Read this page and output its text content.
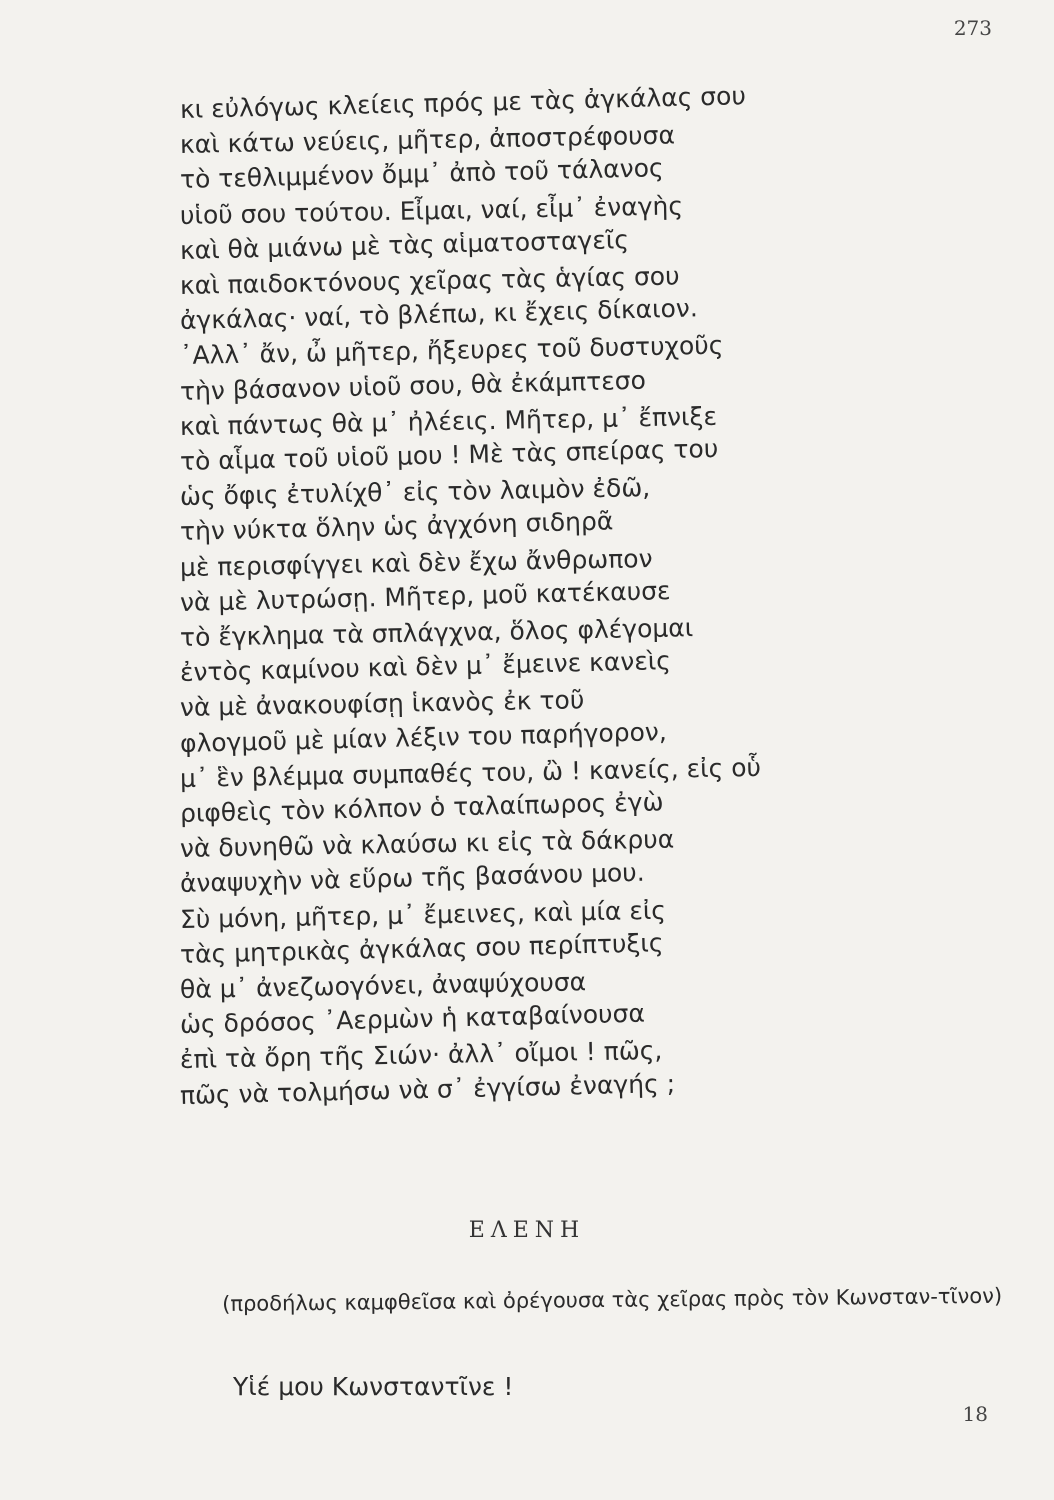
273
κι εὐλόγως κλείεις πρός με τὰς ἀγκάλας σου
καὶ κάτω νεύεις, μῆτερ, ἀποστρέφουσα
τὸ τεθλιμμένον ὄμμ᾽ ἀπὸ τοῦ τάλανος
υἱοῦ σου τούτου. Εἶμαι, ναί, εἶμ᾽ ἐναγὴς
καὶ θὰ μιάνω μὲ τὰς αἱματοσταγεῖς
καὶ παιδοκτόνους χεῖρας τὰς ἁγίας σου
ἀγκάλας· ναί, τὸ βλέπω, κι ἔχεις δίκαιον.
᾽Αλλ᾽ ἄν, ὦ μῆτερ, ἤξευρες τοῦ δυστυχοῦς
τὴν βάσανον υἱοῦ σου, θὰ ἐκάμπτεσο
καὶ πάντως θὰ μ᾽ ἠλέεις. Μῆτερ, μ᾽ ἔπνιξε
τὸ αἷμα τοῦ υἱοῦ μου ! Μὲ τὰς σπείρας του
ὡς ὄφις ἐτυλίχθ᾽ εἰς τὸν λαιμὸν ἐδῶ,
τὴν νύκτα ὅλην ὡς ἀγχόνη σιδηρᾶ
μὲ περισφίγγει καὶ δὲν ἔχω ἄνθρωπον
νὰ μὲ λυτρώσῃ. Μῆτερ, μοῦ κατέκαυσε
τὸ ἔγκλημα τὰ σπλάγχνα, ὅλος φλέγομαι
ἐντὸς καμίνου καὶ δὲν μ᾽ ἔμεινε κανεὶς
νὰ μὲ ἀνακουφίσῃ ἱκανὸς ἐκ τοῦ
φλογμοῦ μὲ μίαν λέξιν του παρήγορον,
μ᾽ ἓν βλέμμα συμπαθές του, ὢ ! κανείς, εἰς οὗ
ριφθεὶς τὸν κόλπον ὁ ταλαίπωρος ἐγὼ
νὰ δυνηθῶ νὰ κλαύσω κι εἰς τὰ δάκρυα
ἀναψυχὴν νὰ εὕρω τῆς βασάνου μου.
Σὺ μόνη, μῆτερ, μ᾽ ἔμεινες, καὶ μία εἰς
τὰς μητρικὰς ἀγκάλας σου περίπτυξις
θὰ μ᾽ ἀνεζωογόνει, ἀναψύχουσα
ὡς δρόσος ᾽Αερμὼν ἡ καταβαίνουσα
ἐπὶ τὰ ὄρη τῆς Σιών· ἀλλ᾽ οἴμοι ! πῶς,
πῶς νὰ τολμήσω νὰ σ᾽ ἐγγίσω ἐναγής ;
ΕΛΕΝΗ
(προδήλως καμφθεῖσα καὶ ὀρέγουσα τὰς χεῖρας πρὸς τὸν Κωνσταν-τῖνον)
Υἱέ μου Κωνσταντῖνε !
18
